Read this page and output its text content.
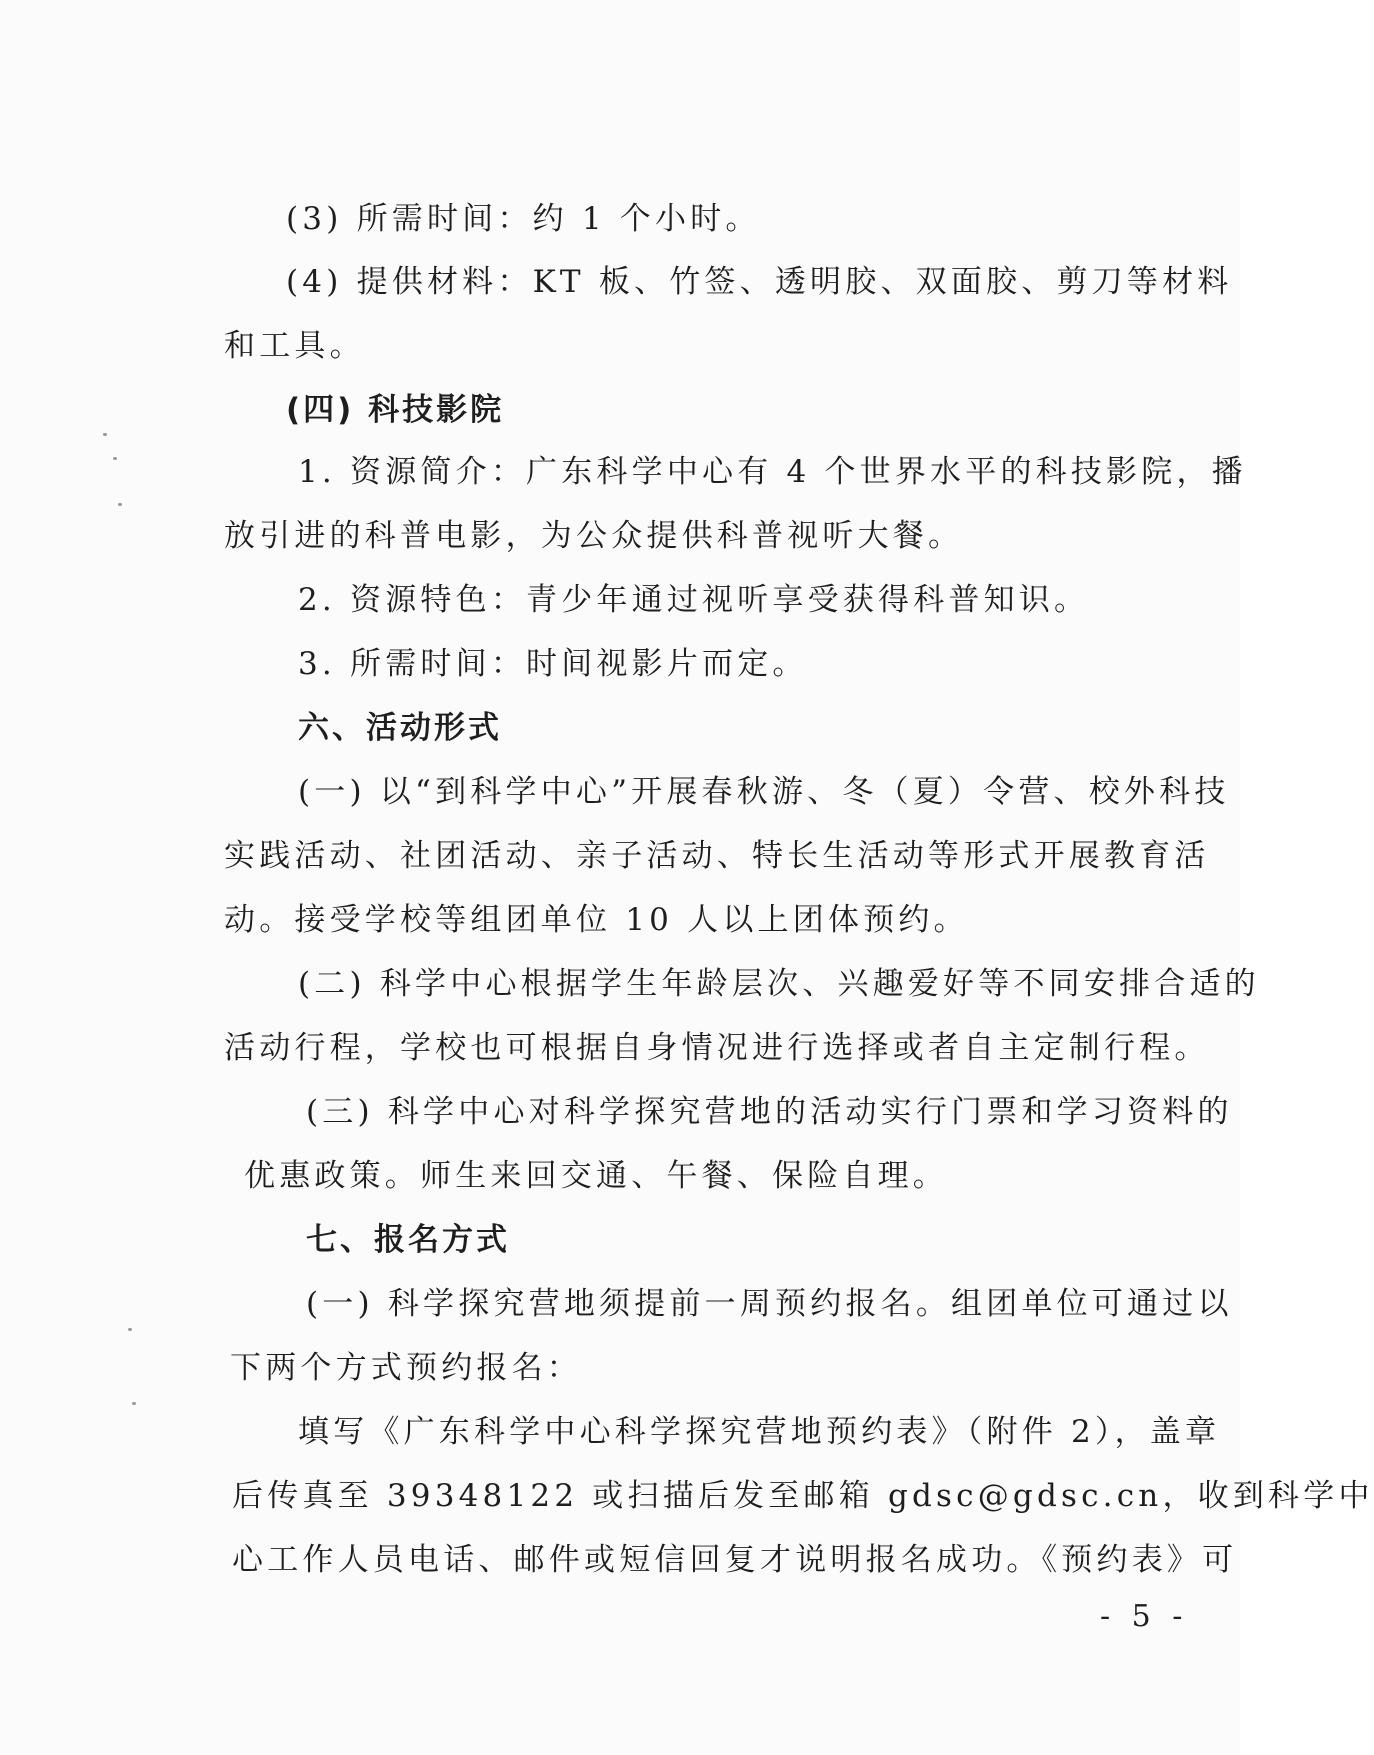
(3) 所需时间：约 1 个小时。
(4) 提供材料：KT 板、竹签、透明胶、双面胶、剪刀等材料
和工具。
(四) 科技影院
1. 资源简介：广东科学中心有 4 个世界水平的科技影院，播
放引进的科普电影，为公众提供科普视听大餐。
2. 资源特色：青少年通过视听享受获得科普知识。
3. 所需时间：时间视影片而定。
六、活动形式
(一) 以“到科学中心”开展春秋游、冬（夏）令营、校外科技
实践活动、社团活动、亲子活动、特长生活动等形式开展教育活
动。接受学校等组团单位 10 人以上团体预约。
(二) 科学中心根据学生年龄层次、兴趣爱好等不同安排合适的
活动行程，学校也可根据自身情况进行选择或者自主定制行程。
(三) 科学中心对科学探究营地的活动实行门票和学习资料的
优惠政策。师生来回交通、午餐、保险自理。
七、报名方式
(一) 科学探究营地须提前一周预约报名。组团单位可通过以
下两个方式预约报名：
填写《广东科学中心科学探究营地预约表》（附件 2），盖章
后传真至 39348122 或扫描后发至邮箱 gdsc@gdsc.cn，收到科学中
心工作人员电话、邮件或短信回复才说明报名成功。《预约表》可
- 5 -
